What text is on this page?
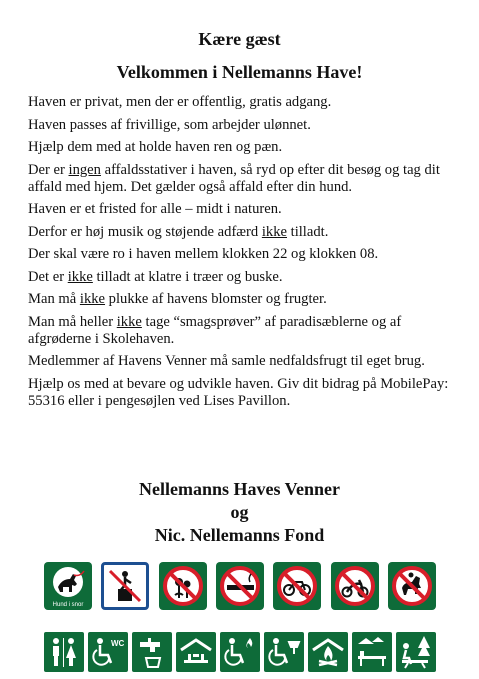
Kære gæst

Velkommen i Nellemanns Have!

Haven er privat, men der er offentlig, gratis adgang.

Haven passes af frivillige, som arbejder ulønnet.

Hjælp dem med at holde haven ren og pæn.

Der er ingen affaldsstativer i haven, så ryd op efter dit besøg og tag dit affald med hjem. Det gælder også affald efter din hund.

Haven er et fristed for alle – midt i naturen.

Derfor er høj musik og støjende adfærd ikke tilladt.

Der skal være ro i haven mellem klokken 22 og klokken 08.

Det er ikke tilladt at klatre i træer og buske.

Man må ikke plukke af havens blomster og frugter.

Man må heller ikke tage “smagsprøver” af paradisæblerne og af afgrøderne i Skolehaven.

Medlemmer af Havens Venner må samle nedfaldsfrugt til eget brug.

Hjælp os med at bevare og udvikle haven. Giv dit bidrag på MobilePay: 55316 eller i pengesøjlen ved Lises Pavillon.

Nellemanns Haves Venner
og
Nic. Nellemanns Fond
Hund i snor
WC
